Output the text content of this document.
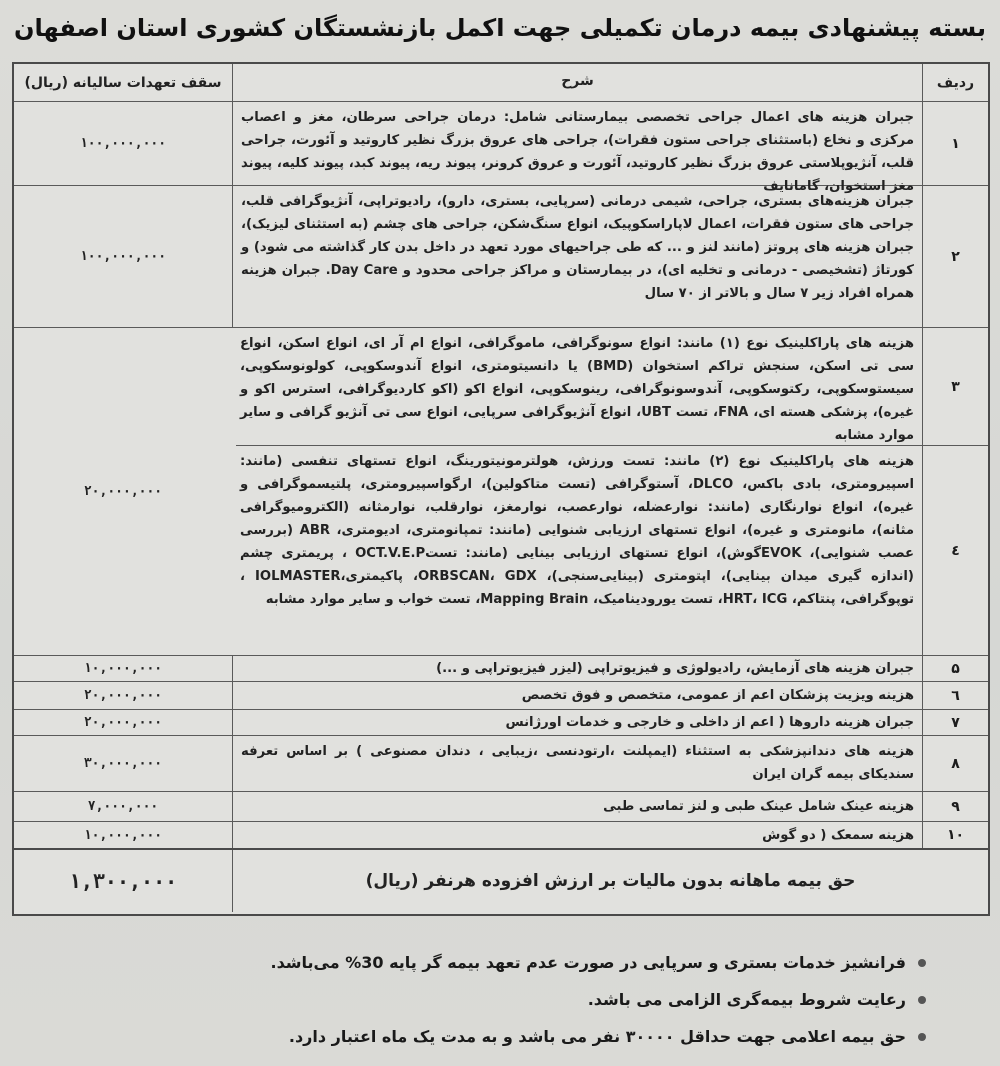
بسته پیشنهادی بیمه درمان تکمیلی جهت اکمل بازنشستگان کشوری استان اصفهان
ردیف
شرح
سقف تعهدات سالیانه (ریال)
۱
جبران هزینه های اعمال جراحی تخصصی بیمارستانی شامل: درمان جراحی سرطان، مغز و اعصاب مرکزی و نخاع (باستثنای جراحی ستون فقرات)، جراحی های عروق بزرگ نظیر کاروتید و آئورت، جراحی قلب، آنژیوپلاستی عروق بزرگ نظیر کاروتید، آئورت و عروق کرونر، پیوند ریه، پیوند کبد، پیوند کلیه، پیوند مغز استخوان، گامانایف
۱۰۰,۰۰۰,۰۰۰
۲
جبران هزینه‌های بستری، جراحی، شیمی درمانی (سرپایی، بستری، دارو)، رادیوتراپی، آنژیوگرافی قلب، جراحی های ستون فقرات، اعمال لاپاراسکوپیک، انواع سنگ‌شکن، جراحی های چشم (به استثنای لیزیک)، جبران هزینه های پروتز (مانند لنز و ... که طی جراحیهای مورد تعهد در داخل بدن کار گذاشته می شود) و کورتاژ (تشخیصی - درمانی و تخلیه ای)، در بیمارستان و مراکز جراحی محدود و Day Care. جبران هزینه همراه افراد زیر ۷ سال و بالاتر از ۷۰ سال
۱۰۰,۰۰۰,۰۰۰
۲۰,۰۰۰,۰۰۰
۳
هزینه های پاراکلینیک نوع (۱) مانند: انواع سونوگرافی، ماموگرافی، انواع ام آر ای، انواع اسکن، انواع سی تی اسکن، سنجش تراکم استخوان (BMD) یا دانسیتومتری، انواع آندوسکوپی، کولونوسکوپی، سیستوسکوپی، رکتوسکوپی، آندوسونوگرافی، رینوسکوپی، انواع اکو (اکو کاردیوگرافی، استرس اکو و غیره)، پزشکی هسته ای، FNA، تست UBT، انواع آنژیوگرافی سرپایی، انواع سی تی آنژیو گرافی و سایر موارد مشابه
٤
هزینه های پاراکلینیک نوع (۲) مانند: تست ورزش، هولترمونیتورینگ، انواع تستهای تنفسی (مانند: اسپیرومتری، بادی باکس، DLCO، آستوگرافی (تست متاکولین)، ارگواسپیرومتری، پلتیسموگرافی و غیره)، انواع نوارنگاری (مانند: نوارعضله، نوارعصب، نوارمغز، نوارقلب، نوارمثانه (الکترومیوگرافی مثانه)، مانومتری و غیره)، انواع تستهای ارزیابی شنوایی (مانند: تمپانومتری، ادیومتری، ABR (بررسی عصب شنوایی)، EVOKگوش)، انواع تستهای ارزیابی بینایی (مانند: تستOCT.V.E.P ، پریمتری چشم (اندازه گیری میدان بینایی)، اپتومتری (بینایی‌سنجی)، ORBSCAN، GDX، پاکیمتری،IOLMASTER ، توپوگرافی، پنتاکم، HRT، ICG، تست یورودینامیک، Mapping Brain، تست خواب و سایر موارد مشابه
۵
جبران هزینه های آزمایش، رادیولوژی و فیزیوتراپی (لیزر فیزیوتراپی و ...)
۱۰,۰۰۰,۰۰۰
٦
هزینه ویزیت پزشکان اعم از عمومی، متخصص و فوق تخصص
۲۰,۰۰۰,۰۰۰
۷
جبران هزینه داروها ( اعم از داخلی و خارجی و خدمات اورژانس
۲۰,۰۰۰,۰۰۰
۸
هزینه های دندانپزشکی به استثناء (ایمپلنت ،ارتودنسی ،زیبایی ، دندان مصنوعی ) بر اساس تعرفه سندیکای بیمه گران ایران
۳۰,۰۰۰,۰۰۰
۹
هزینه عینک شامل عینک طبی و لنز تماسی طبی
۷,۰۰۰,۰۰۰
۱۰
هزینه سمعک ( دو گوش
۱۰,۰۰۰,۰۰۰
حق بیمه ماهانه بدون مالیات بر ارزش افزوده هرنفر (ریال)
۱,۳۰۰,۰۰۰
فرانشیز خدمات بستری و سرپایی در صورت عدم تعهد بیمه گر پایه 30% می‌باشد.
رعایت شروط بیمه‌گری الزامی می باشد.
حق بیمه اعلامی جهت حداقل ۳۰۰۰۰ نفر می باشد و به مدت یک ماه اعتبار دارد.
